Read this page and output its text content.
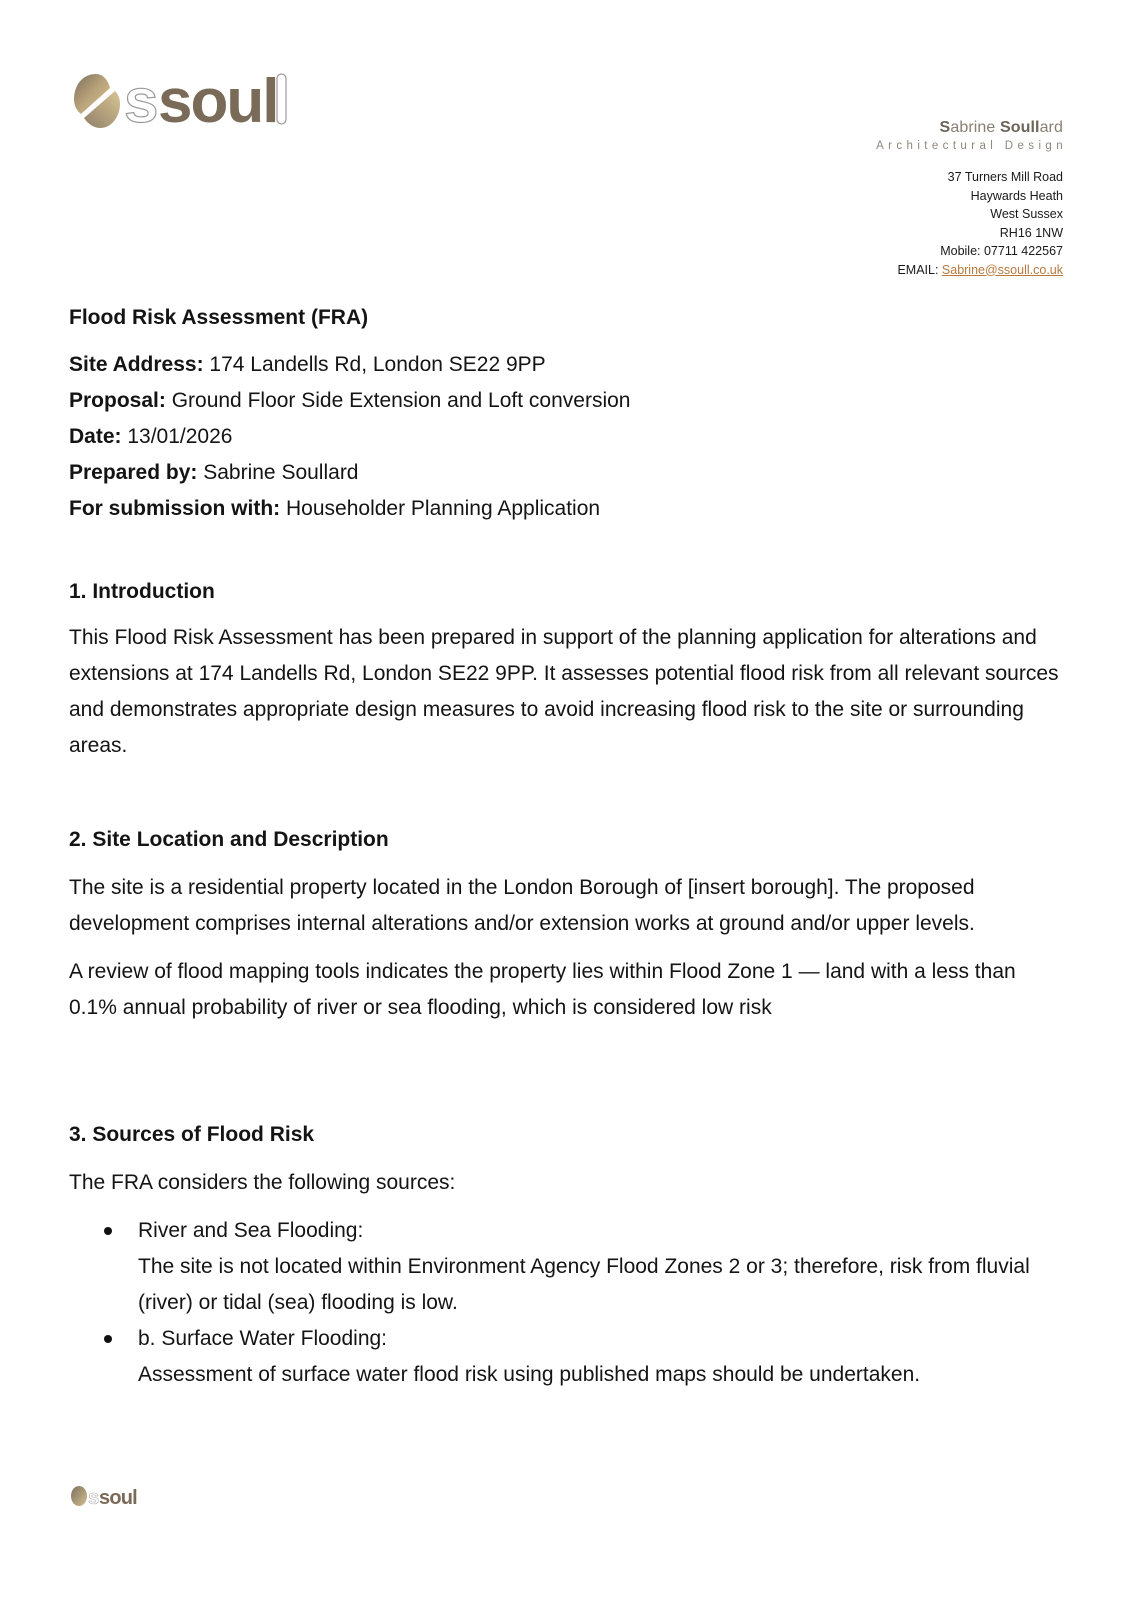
s soul	Sabrine Soullard
Architectural Design
37 Turners Mill Road
Haywards Heath
West Sussex
RH16 1NW
Mobile: 07711 422567
EMAIL: Sabrine@ssoull.co.uk
Flood Risk Assessment (FRA)
Site Address: 174 Landells Rd, London SE22 9PP
Proposal: Ground Floor Side Extension and Loft conversion
Date: 13/01/2026
Prepared by: Sabrine Soullard
For submission with: Householder Planning Application
1. Introduction

This Flood Risk Assessment has been prepared in support of the planning application for alterations and extensions at 174 Landells Rd, London SE22 9PP. It assesses potential flood risk from all relevant sources and demonstrates appropriate design measures to avoid increasing flood risk to the site or surrounding areas.

2. Site Location and Description

The site is a residential property located in the London Borough of [insert borough]. The proposed development comprises internal alterations and/or extension works at ground and/or upper levels.

A review of flood mapping tools indicates the property lies within Flood Zone 1 — land with a less than 0.1% annual probability of river or sea flooding, which is considered low risk

3. Sources of Flood Risk

The FRA considers the following sources:

River and Sea Flooding:
The site is not located within Environment Agency Flood Zones 2 or 3; therefore, risk from fluvial (river) or tidal (sea) flooding is low.
b. Surface Water Flooding:
Assessment of surface water flood risk using published maps should be undertaken.
s soul
